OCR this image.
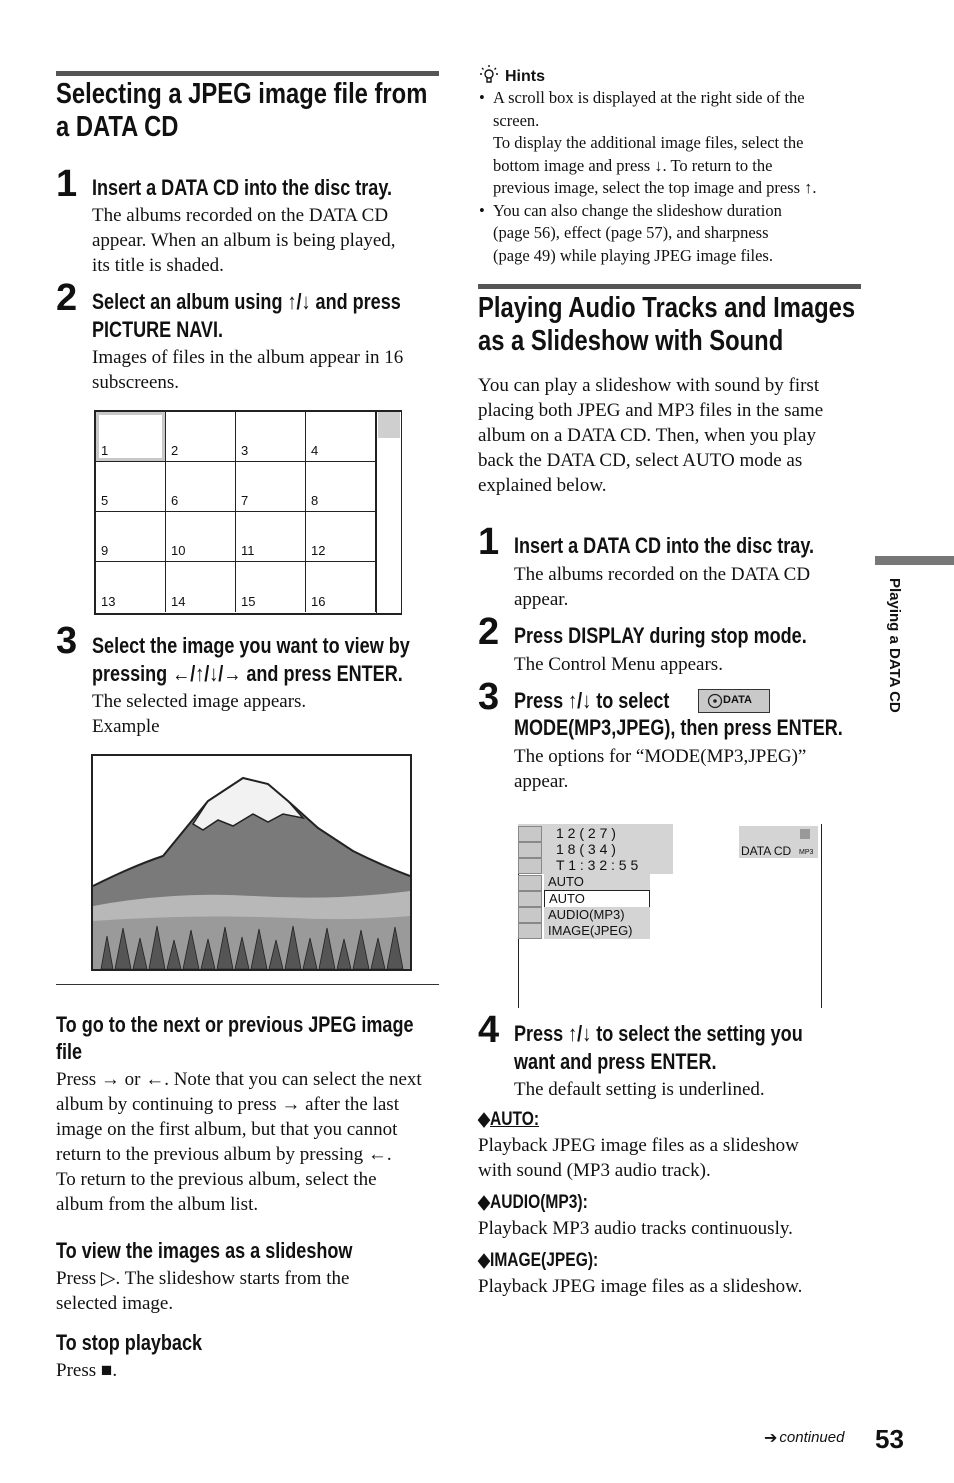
Selecting a JPEG image file from
a DATA CD
1 Insert a DATA CD into the disc tray.
The albums recorded on the DATA CD
appear. When an album is being played,
its title is shaded.
2 Select an album using ↑/↓ and press
PICTURE NAVI.
Images of files in the album appear in 16
subscreens.
1	2	3	4
5	6	7	8
9	10	11	12
13	14	15	16
3 Select the image you want to view by
pressing ←/↑/↓/→ and press ENTER.
The selected image appears.
Example
To go to the next or previous JPEG image
file
Press → or ←. Note that you can select the next
album by continuing to press → after the last
image on the first album, but that you cannot
return to the previous album by pressing ←.
To return to the previous album, select the
album from the album list.
To view the images as a slideshow
Press ▷. The slideshow starts from the
selected image.
To stop playback
Press ■.
Hints
• A scroll box is displayed at the right side of the
screen.
To display the additional image files, select the
bottom image and press ↓. To return to the
previous image, select the top image and press ↑.
• You can also change the slideshow duration
(page 56), effect (page 57), and sharpness
(page 49) while playing JPEG image files.
Playing Audio Tracks and Images
as a Slideshow with Sound
You can play a slideshow with sound by first
placing both JPEG and MP3 files in the same
album on a DATA CD. Then, when you play
back the DATA CD, select AUTO mode as
explained below.
1 Insert a DATA CD into the disc tray.
The albums recorded on the DATA CD
appear.
2 Press DISPLAY during stop mode.
The Control Menu appears.
3 Press ↑/↓ to select	DATA
MODE(MP3,JPEG), then press ENTER.
The options for “MODE(MP3,JPEG)”
appear.
1 2 ( 2 7 )
1 8 ( 3 4 )
T 1 : 3 2 : 5 5
DATA CD MP3
AUTO
AUTO
AUDIO(MP3)
IMAGE(JPEG)
4 Press ↑/↓ to select the setting you
want and press ENTER.
The default setting is underlined.
◆AUTO:
Playback JPEG image files as a slideshow
with sound (MP3 audio track).
◆AUDIO(MP3):
Playback MP3 audio tracks continuously.
◆IMAGE(JPEG):
Playback JPEG image files as a slideshow.
Playing a DATA CD
➔ continued 53
